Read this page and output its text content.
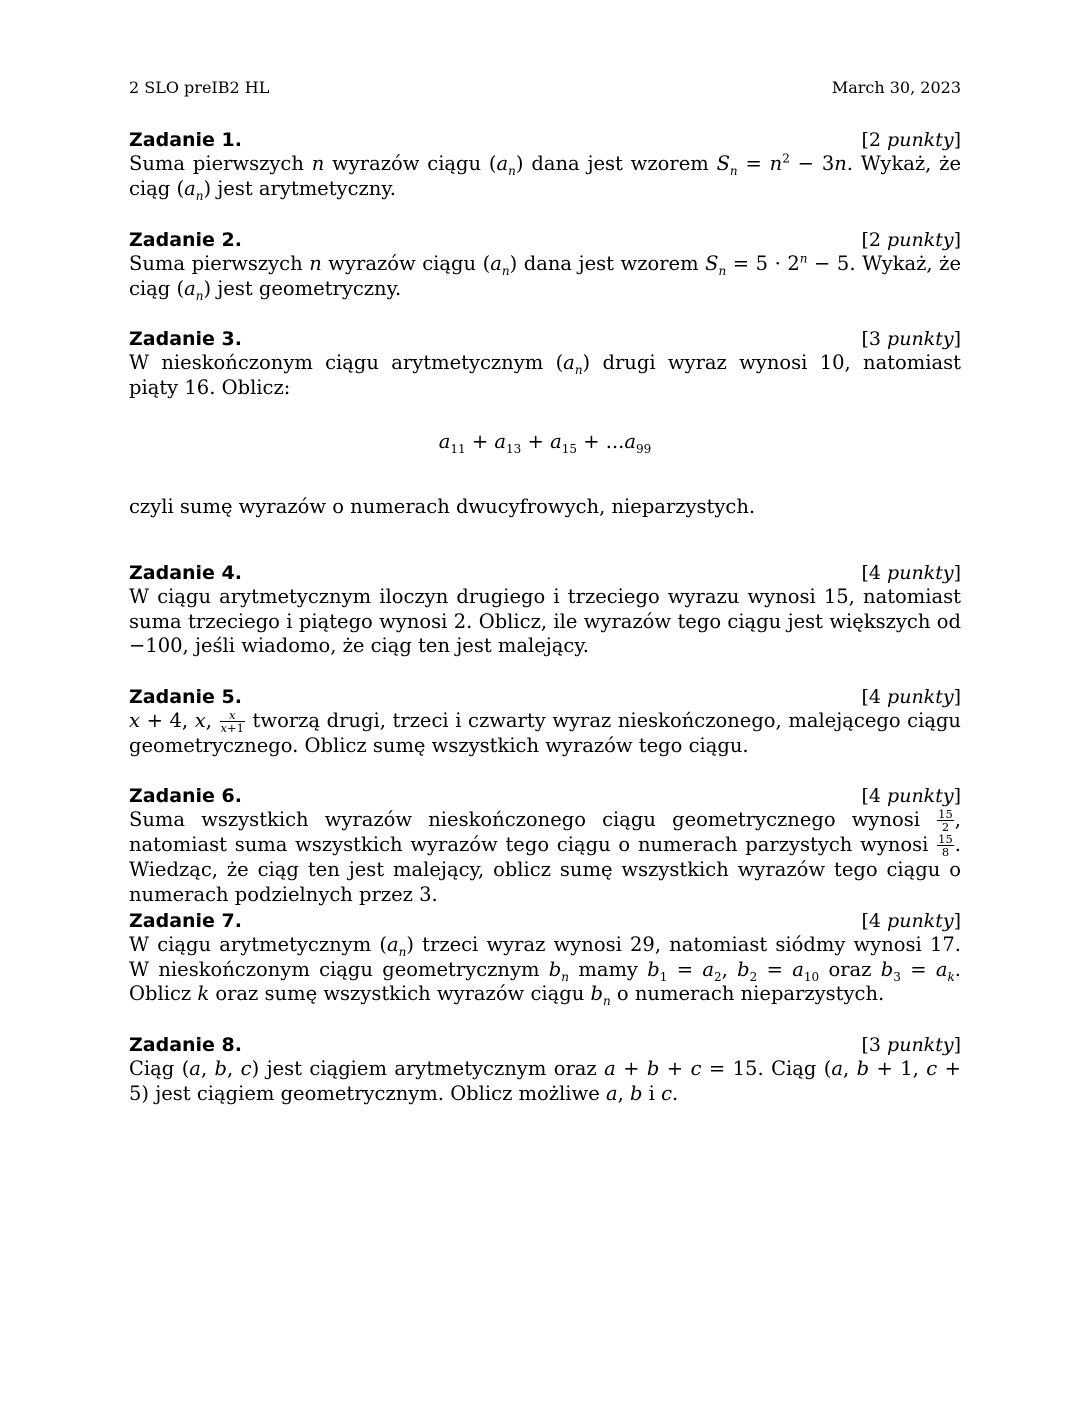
2 SLO preIB2 HL	March 30, 2023
Zadanie 1.	[2 punkty]
Suma pierwszych n wyrazów ciągu $(a_n)$ dana jest wzorem $S_n = n^2 - 3n$. Wykaż, że ciąg $(a_n)$ jest arytmetyczny.
Zadanie 2.	[2 punkty]
Suma pierwszych n wyrazów ciągu $(a_n)$ dana jest wzorem $S_n = 5 \cdot 2^n - 5$. Wykaż, że ciąg $(a_n)$ jest geometryczny.
Zadanie 3.	[3 punkty]
W nieskończonym ciągu arytmetycznym $(a_n)$ drugi wyraz wynosi 10, natomiast piąty 16. Oblicz:
$a_{11} + a_{13} + a_{15} + ...a_{99}$
czyli sumę wyrazów o numerach dwucyfrowych, nieparzystych.
Zadanie 4.	[4 punkty]
W ciągu arytmetycznym iloczyn drugiego i trzeciego wyrazu wynosi 15, natomiast suma trzeciego i piątego wynosi 2. Oblicz, ile wyrazów tego ciągu jest większych od −100, jeśli wiadomo, że ciąg ten jest malejący.
Zadanie 5.	[4 punkty]
x + 4, x, $\frac{x}{x+1}$ tworzą drugi, trzeci i czwarty wyraz nieskończonego, malejącego ciągu geometrycznego. Oblicz sumę wszystkich wyrazów tego ciągu.
Zadanie 6.	[4 punkty]
Suma wszystkich wyrazów nieskończonego ciągu geometrycznego wynosi $\frac{15}{2}$ , natomiast suma wszystkich wyrazów tego ciągu o numerach parzystych wynosi $\frac{15}{8}$ . Wiedząc, że ciąg ten jest malejący, oblicz sumę wszystkich wyrazów tego ciągu o numerach podzielnych przez 3.
Zadanie 7.	[4 punkty]
W ciągu arytmetycznym $(a_n)$ trzeci wyraz wynosi 29, natomiast siódmy wynosi 17. W nieskończonym ciągu geometrycznym $b_n$ mamy $b_1 = a_2$, $b_2 = a_{10}$ oraz $b_3 = a_k$. Oblicz k oraz sumę wszystkich wyrazów ciągu $b_n$ o numerach nieparzystych.
Zadanie 8.	[3 punkty]
Ciąg (a, b, c) jest ciągiem arytmetycznym oraz a + b + c = 15. Ciąg (a, b + 1, c + 5) jest ciągiem geometrycznym. Oblicz możliwe a, b i c.
